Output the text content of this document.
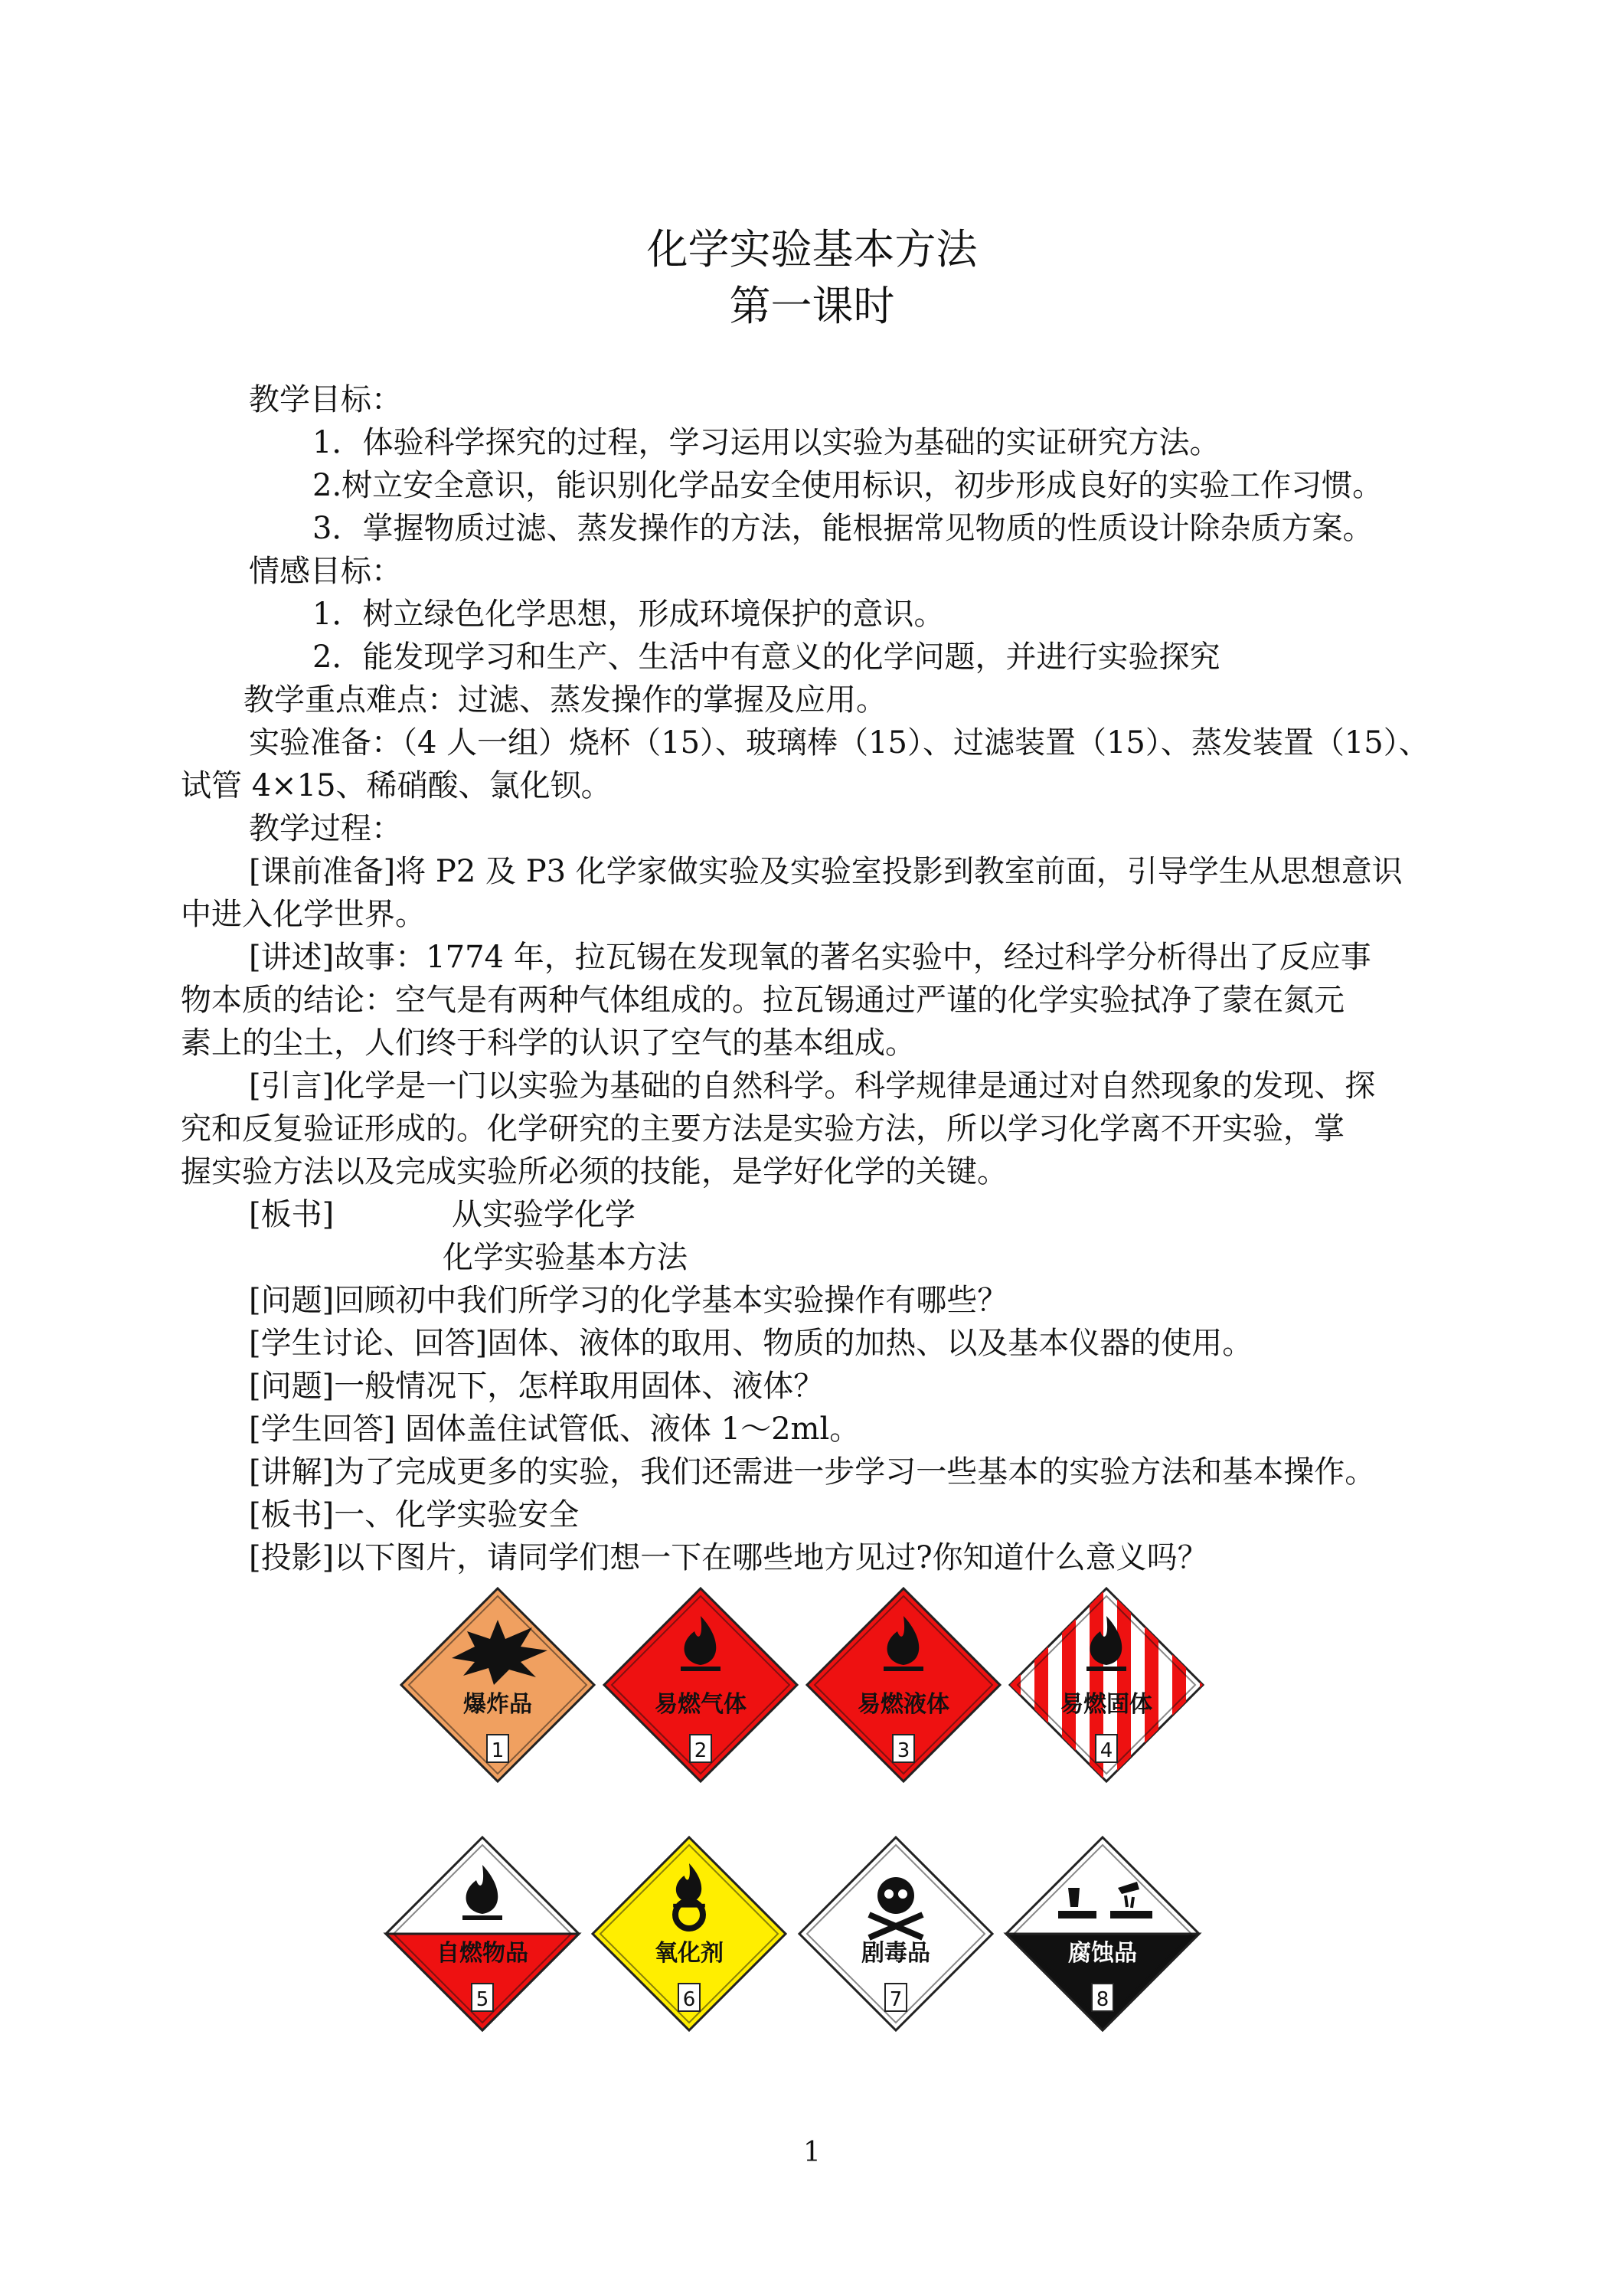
化学实验基本方法
第一课时
教学目标：
1．体验科学探究的过程，学习运用以实验为基础的实证研究方法。
2.树立安全意识，能识别化学品安全使用标识，初步形成良好的实验工作习惯。
3．掌握物质过滤、蒸发操作的方法，能根据常见物质的性质设计除杂质方案。
情感目标：
1．树立绿色化学思想，形成环境保护的意识。
2．能发现学习和生产、生活中有意义的化学问题，并进行实验探究
教学重点难点：过滤、蒸发操作的掌握及应用。
实验准备：（4 人一组）烧杯（15）、玻璃棒（15）、过滤装置（15）、蒸发装置（15）、
试管 4×15、稀硝酸、氯化钡。
教学过程：
[课前准备]将 P2 及 P3 化学家做实验及实验室投影到教室前面，引导学生从思想意识
中进入化学世界。
[讲述]故事：1774 年，拉瓦锡在发现氧的著名实验中，经过科学分析得出了反应事
物本质的结论：空气是有两种气体组成的。拉瓦锡通过严谨的化学实验拭净了蒙在氮元
素上的尘土，人们终于科学的认识了空气的基本组成。
[引言]化学是一门以实验为基础的自然科学。科学规律是通过对自然现象的发现、探
究和反复验证形成的。化学研究的主要方法是实验方法，所以学习化学离不开实验，掌
握实验方法以及完成实验所必须的技能，是学好化学的关键。
[板书]	从实验学化学
化学实验基本方法
[问题]回顾初中我们所学习的化学基本实验操作有哪些？
[学生讨论、回答]固体、液体的取用、物质的加热、以及基本仪器的使用。
[问题]一般情况下，怎样取用固体、液体？
[学生回答] 固体盖住试管低、液体 1～2ml。
[讲解]为了完成更多的实验，我们还需进一步学习一些基本的实验方法和基本操作。
[板书]一、化学实验安全
[投影]以下图片，请同学们想一下在哪些地方见过?你知道什么意义吗？
爆炸品
1
易燃气体
2
易燃液体
3
易燃固体
4
自燃物品
5
氧化剂
6
剧毒品
7
腐蚀品
8
1
